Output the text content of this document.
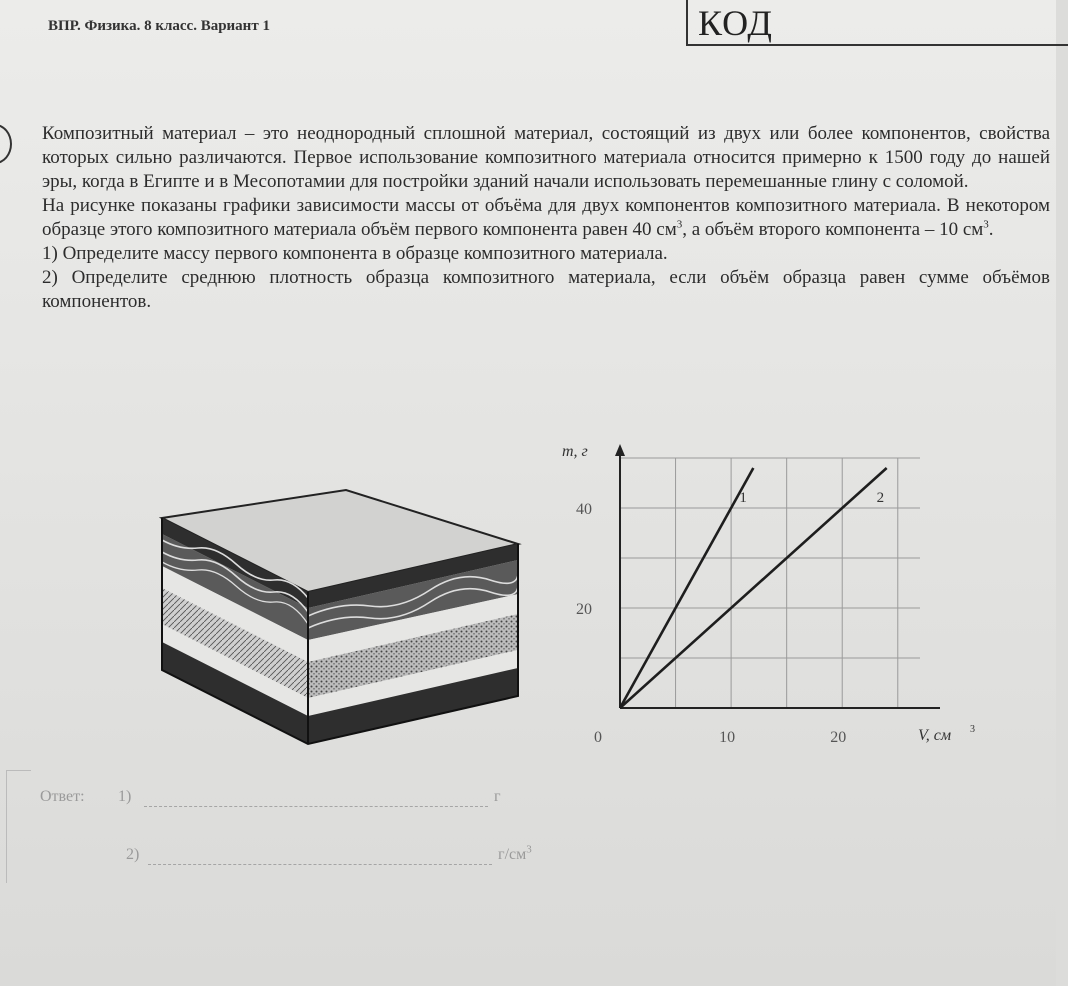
ВПР. Физика. 8 класс. Вариант 1	КОД

Композитный материал – это неоднородный сплошной материал, состоящий из двух или более компонентов, свойства которых сильно различаются. Первое использование композитного материала относится примерно к 1500 году до нашей эры, когда в Египте и в Месопотамии для постройки зданий начали использовать перемешанные глину с соломой.

На рисунке показаны графики зависимости массы от объёма для двух компонентов композитного материала. В некотором образце этого композитного материала объём первого компонента равен 40 $см^3$, а объём второго компонента – 10 $см^3$.

1) Определите массу первого компонента в образце композитного материала.

2) Определите среднюю плотность образца композитного материала, если объём образца равен сумме объёмов компонентов.

1	2
20
40
0	10	20
m, г
V, см 3
Ответ: 1)	г
2)	$г/см^3$
